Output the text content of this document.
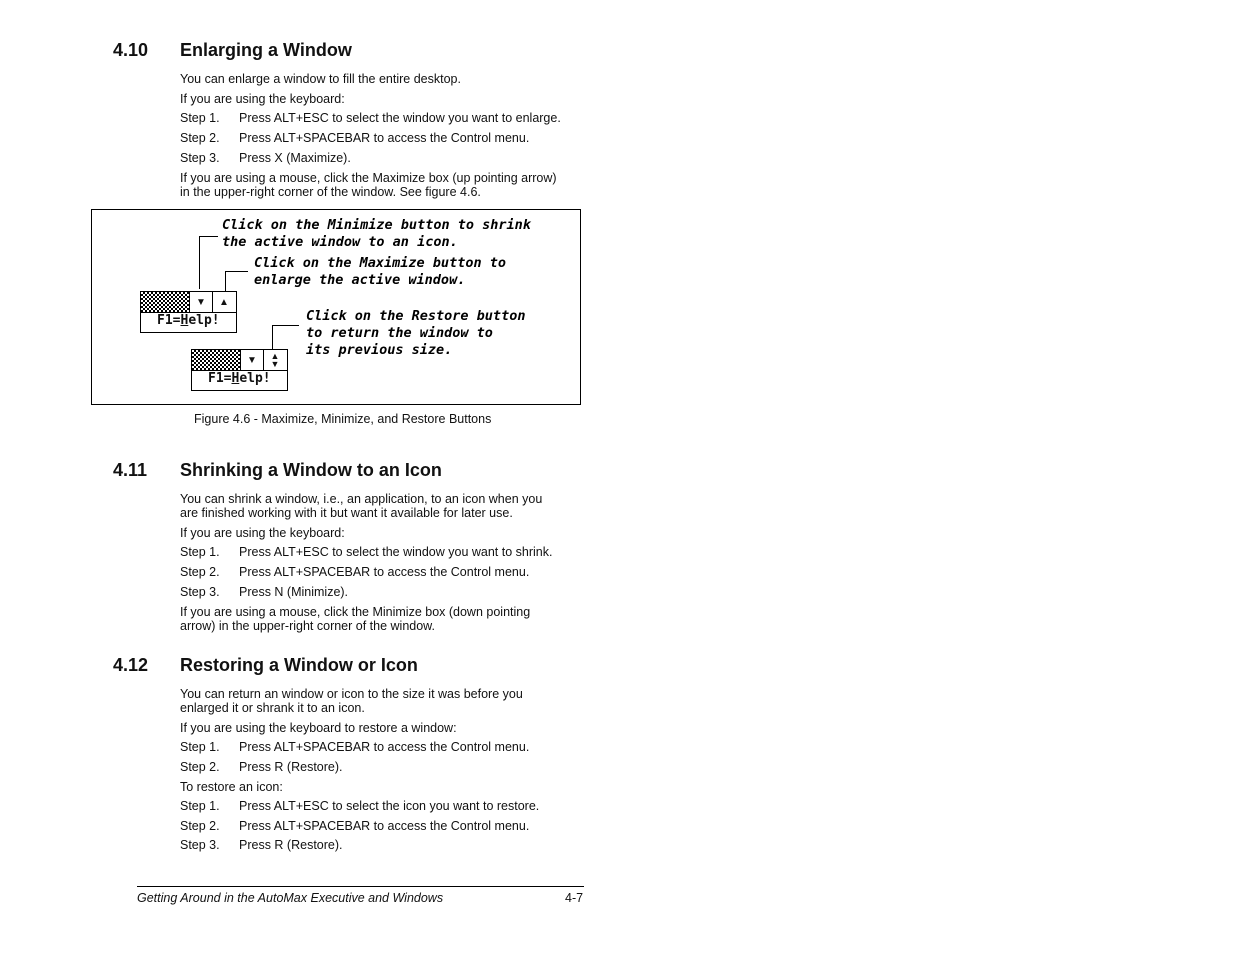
4.10 Enlarging a Window
You can enlarge a window to fill the entire desktop.
If you are using the keyboard:
Step 1. Press ALT+ESC to select the window you want to enlarge.
Step 2. Press ALT+SPACEBAR to access the Control menu.
Step 3. Press X (Maximize).
If you are using a mouse, click the Maximize box (up pointing arrow)
in the upper-right corner of the window. See figure 4.6.
Click on the Minimize button to shrink
the active window to an icon.
Click on the Maximize button to
enlarge the active window.
Click on the Restore button
to return the window to
its previous size.
▼ ▲
F1=Help!
▼ ▲
▼
F1=Help!
Figure 4.6 - Maximize, Minimize, and Restore Buttons
4.11 Shrinking a Window to an Icon
You can shrink a window, i.e., an application, to an icon when you
are finished working with it but want it available for later use.
If you are using the keyboard:
Step 1. Press ALT+ESC to select the window you want to shrink.
Step 2. Press ALT+SPACEBAR to access the Control menu.
Step 3. Press N (Minimize).
If you are using a mouse, click the Minimize box (down pointing
arrow) in the upper-right corner of the window.
4.12 Restoring a Window or Icon
You can return an window or icon to the size it was before you
enlarged it or shrank it to an icon.
If you are using the keyboard to restore a window:
Step 1. Press ALT+SPACEBAR to access the Control menu.
Step 2. Press R (Restore).
To restore an icon:
Step 1. Press ALT+ESC to select the icon you want to restore.
Step 2. Press ALT+SPACEBAR to access the Control menu.
Step 3. Press R (Restore).
Getting Around in the AutoMax Executive and Windows	4-7
